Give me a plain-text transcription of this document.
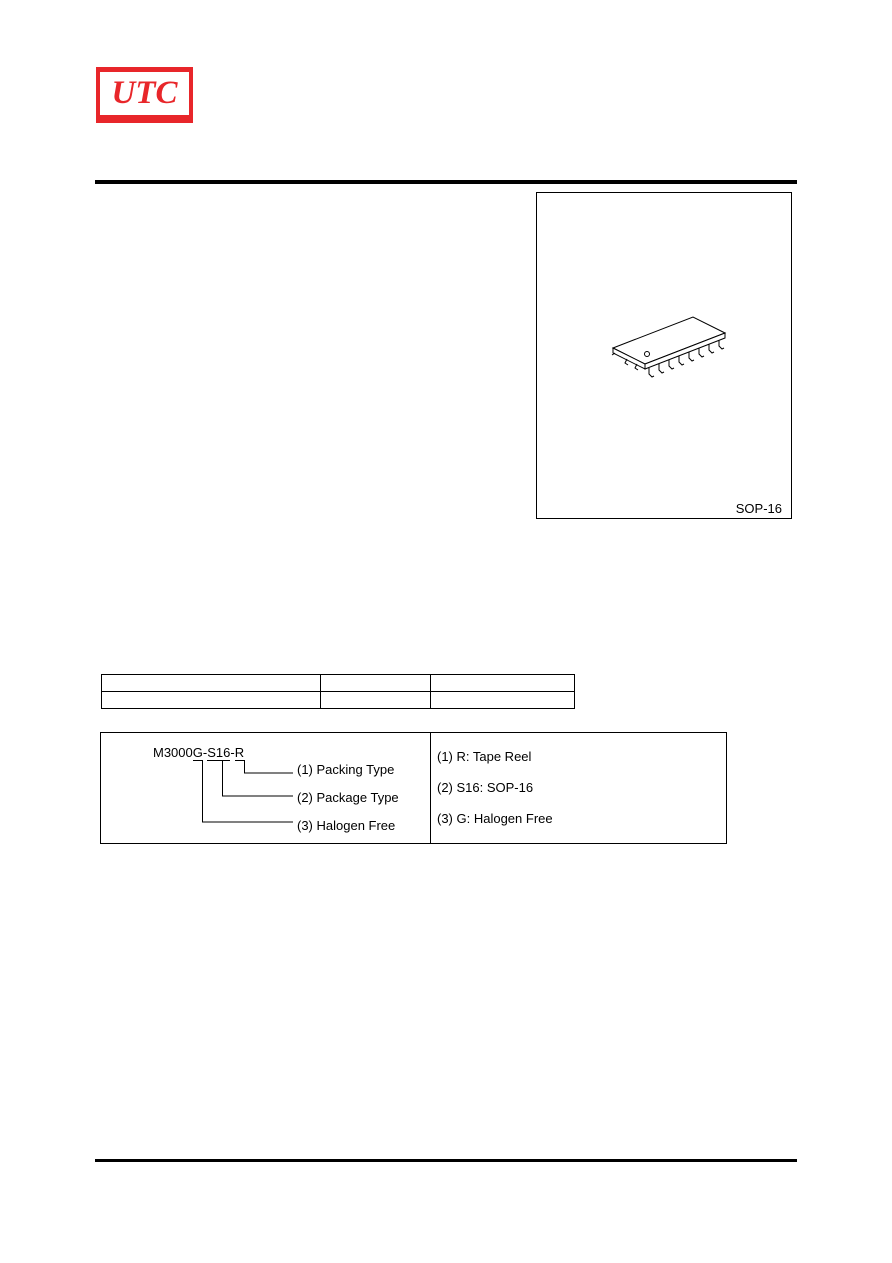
UTC
SOP-16

M3000G-S16-R
(1) Packing Type
(2) Package Type
(3) Halogen Free
(1) R: Tape Reel
(2) S16: SOP-16
(3) G: Halogen Free
